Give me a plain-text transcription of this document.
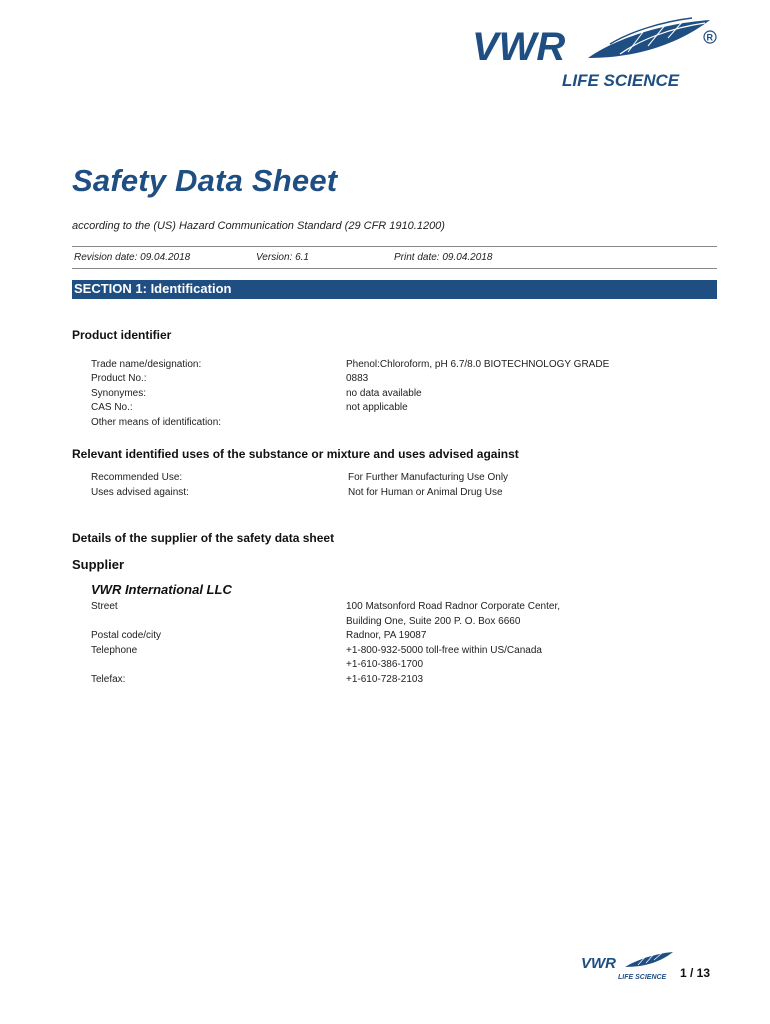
VWR	R
LIFE SCIENCE
Safety Data Sheet
according to the (US) Hazard Communication Standard (29 CFR 1910.1200)
Revision date: 09.04.2018	Version: 6.1	Print date: 09.04.2018
SECTION 1: Identification
Product identifier
Trade name/designation:	Phenol:Chloroform, pH 6.7/8.0 BIOTECHNOLOGY GRADE
Product No.:	0883
Synonymes:	no data available
CAS No.:	not applicable
Other means of identification:
Relevant identified uses of the substance or mixture and uses advised against
Recommended Use:	For Further Manufacturing Use Only
Uses advised against:	Not for Human or Animal Drug Use
Details of the supplier of the safety data sheet
Supplier
VWR International LLC
Street	100 Matsonford Road Radnor Corporate Center,
Building One, Suite 200 P. O. Box 6660
Postal code/city	Radnor, PA 19087
Telephone	+1-800-932-5000 toll-free within US/Canada
+1-610-386-1700
Telefax:	+1-610-728-2103
VWR
LIFE SCIENCE 1 / 13
